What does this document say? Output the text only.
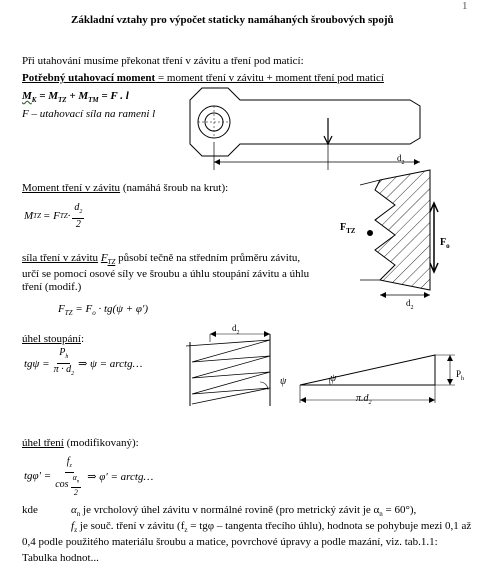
1
Základní vztahy pro výpočet staticky namáhaných šroubových spojů
Při utahování musíme překonat tření v závitu a tření pod maticí:
Potřebný utahovací moment = moment tření v závitu + moment tření pod maticí
$M_K = M_{TZ} + M_{TM} = F$ . l
F – utahovací síla na rameni l
$d_2$
Moment tření v závitu (namáhá šroub na krut):
M TZ = F TZ · $\frac{d_2}{2}$
síla tření v závitu $F_{TZ}$ působí tečně na středním průměru závitu,
určí se pomocí osové síly ve šroubu a úhlu stoupání závitu a úhlu tření (modif.)
$F_{TZ} = F_o \cdot tg(\psi + \varphi')$
$F_{TZ}$
$F_o$
$d_2$
úhel stoupání:
$tg\psi = \frac{P_h}{\pi \cdot d_2}$ ⇒ ψ = arctg…
$d_2$
ψ	ψ	$P_h$
$\pi.d_2$
úhel tření (modifikovaný):
$tg\varphi' = \frac{f_z}{\cos \frac{\alpha_n}{2}}$ ⇒ φ′ = arctg…
kde	$\alpha_n$ je vrcholový úhel závitu v normálné rovině (pro metrický závit je $\alpha_n = 60^\circ$),
$f_z$ je souč. tření v závitu ($f_z = tg\varphi$ – tangenta třecího úhlu), hodnota se pohybuje mezi 0,1 až
0,4 podle použitého materiálu šroubu a matice, povrchové úpravy a podle mazání, viz. tab.1.1:
Tabulka hodnot...
